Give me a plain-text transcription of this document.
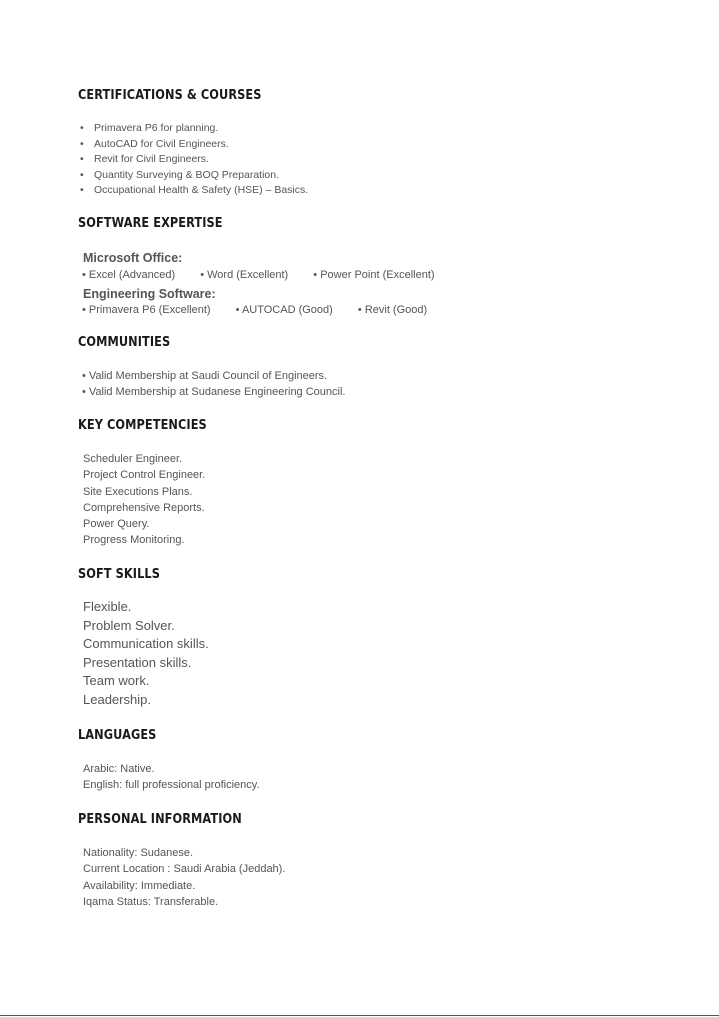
CERTIFICATIONS & COURSES
• Primavera P6 for planning.
• AutoCAD for Civil Engineers.
• Revit for Civil Engineers.
• Quantity Surveying & BOQ Preparation.
• Occupational Health & Safety (HSE) – Basics.
SOFTWARE EXPERTISE
Microsoft Office:
• Excel (Advanced) • Word (Excellent) • Power Point (Excellent)
Engineering Software:
• Primavera P6 (Excellent) • AUTOCAD (Good) • Revit (Good)
COMMUNITIES
• Valid Membership at Saudi Council of Engineers.
• Valid Membership at Sudanese Engineering Council.
KEY COMPETENCIES
Scheduler Engineer.
Project Control Engineer.
Site Executions Plans.
Comprehensive Reports.
Power Query.
Progress Monitoring.
SOFT SKILLS
Flexible.
Problem Solver.
Communication skills.
Presentation skills.
Team work.
Leadership.
LANGUAGES
Arabic: Native.
English: full professional proficiency.
PERSONAL INFORMATION
Nationality: Sudanese.
Current Location : Saudi Arabia (Jeddah).
Availability: Immediate.
Iqama Status: Transferable.
